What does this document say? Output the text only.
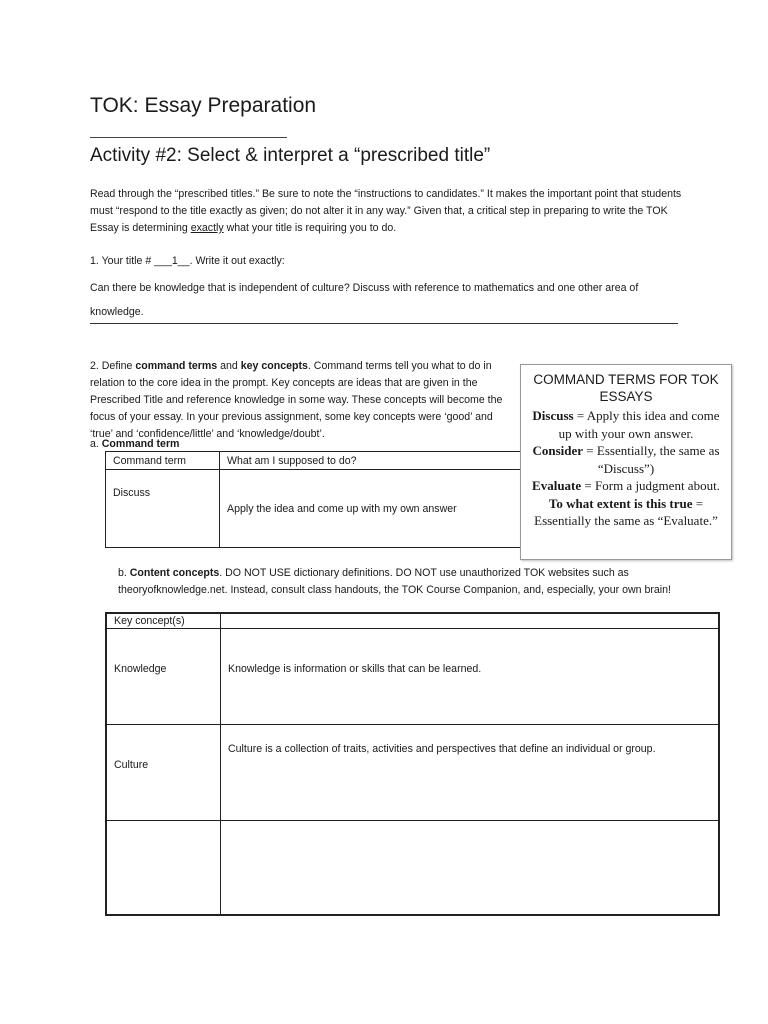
TOK: Essay Preparation
Activity #2: Select & interpret a “prescribed title”

Read through the “prescribed titles.” Be sure to note the “instructions to candidates.” It makes the important point that students must “respond to the title exactly as given; do not alter it in any way.” Given that, a critical step in preparing to write the TOK Essay is determining exactly what your title is requiring you to do.

1. Your title # ___1__. Write it out exactly:

Can there be knowledge that is independent of culture? Discuss with reference to mathematics and one other area of knowledge.

2. Define command terms and key concepts. Command terms tell you what to do in relation to the core idea in the prompt. Key concepts are ideas that are given in the Prescribed Title and reference knowledge in some way. These concepts will become the focus of your essay. In your previous assignment, some key concepts were ‘good’ and ‘true’ and ‘confidence/little’ and ‘knowledge/doubt’.

a. Command term

Command term	What am I supposed to do?
Discuss	Apply the idea and come up with my own answer
COMMAND TERMS FOR TOK ESSAYS
Discuss = Apply this idea and come up with your own answer.
Consider = Essentially, the same as “Discuss”)
Evaluate = Form a judgment about.
To what extent is this true = Essentially the same as “Evaluate.”

b. Content concepts. DO NOT USE dictionary definitions. DO NOT use unauthorized TOK websites such as theoryofknowledge.net. Instead, consult class handouts, the TOK Course Companion, and, especially, your own brain!

Key concept(s)	
Knowledge	Knowledge is information or skills that can be learned.
Culture	Culture is a collection of traits, activities and perspectives that define an individual or group.
